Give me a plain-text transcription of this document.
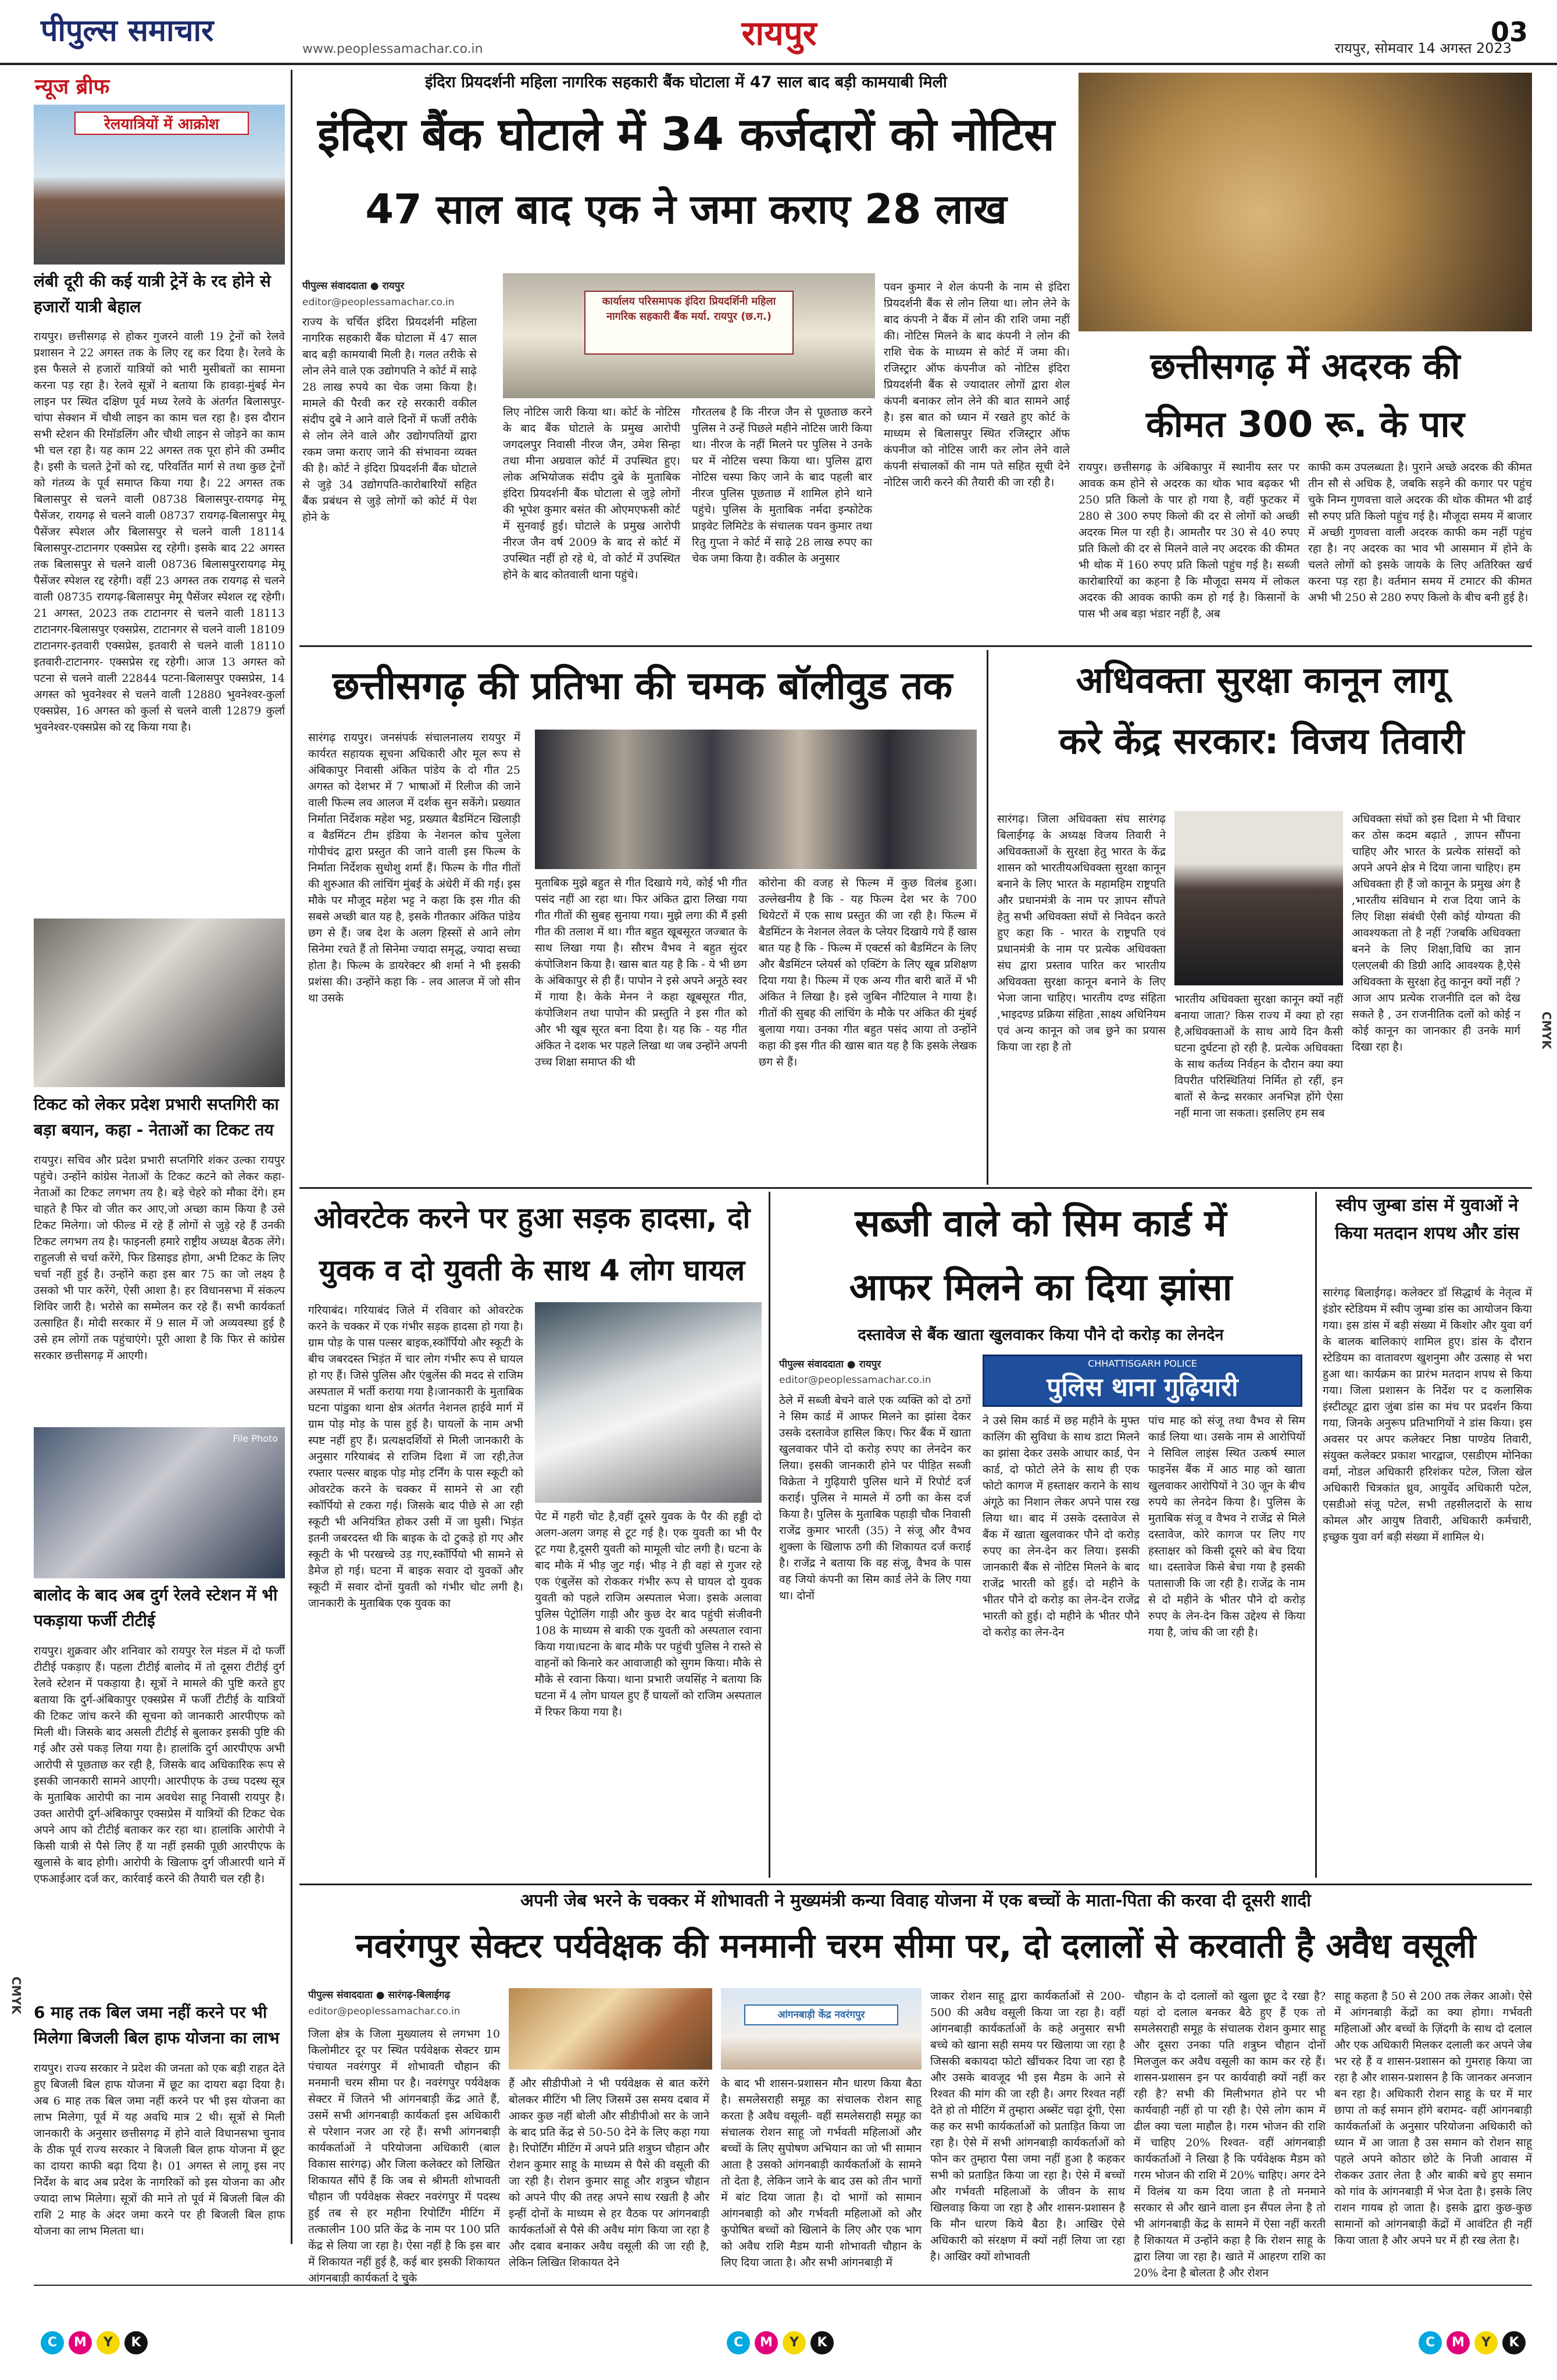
पीपुल्स समाचार
www.peoplessamachar.co.in	रायपुर	रायपुर, सोमवार 14 अगस्त 2023
03
न्यूज ब्रीफ
रेलयात्रियों में आक्रोश
लंबी दूरी की कई यात्री ट्रेनें के रद होने से हजारों यात्री बेहाल
रायपुर। छत्तीसगढ़ से होकर गुजरने वाली 19 ट्रेनों को रेलवे प्रशासन ने 22 अगस्त तक के लिए रद्द कर दिया है। रेलवे के इस फैसले से हजारों यात्रियों को भारी मुसीबतों का सामना करना पड़ रहा है। रेलवे सूत्रों ने बताया कि हावड़ा-मुंबई मेन लाइन पर स्थित दक्षिण पूर्व मध्य रेलवे के अंतर्गत बिलासपुर-चांपा सेक्शन में चौथी लाइन का काम चल रहा है। इस दौरान सभी स्टेशन की रिमॉडलिंग और चौथी लाइन से जोड़ने का काम भी चल रहा है। यह काम 22 अगस्त तक पूरा होने की उम्मीद है। इसी के चलते ट्रेनों को रद्द, परिवर्तित मार्ग से तथा कुछ ट्रेनों को गंतव्य के पूर्व समाप्त किया गया है। 22 अगस्त तक बिलासपुर से चलने वाली 08738 बिलासपुर-रायगढ़ मेमू पैसेंजर, रायगढ़ से चलने वाली 08737 रायगढ़-बिलासपुर मेमू पैसेंजर स्पेशल और बिलासपुर से चलने वाली 18114 बिलासपुर-टाटानगर एक्सप्रेस रद्द रहेगी। इसके बाद 22 अगस्त तक बिलासपुर से चलने वाली 08736 बिलासपुररायगढ़ मेमू पैसेंजर स्पेशल रद्द रहेगी। वहीं 23 अगस्त तक रायगढ़ से चलने वाली 08735 रायगढ़-बिलासपुर मेमू पैसेंजर स्पेशल रद्द रहेगी। 21 अगस्त, 2023 तक टाटानगर से चलने वाली 18113 टाटानगर-बिलासपुर एक्सप्रेस, टाटानगर से चलने वाली 18109 टाटानगर-इतवारी एक्सप्रेस, इतवारी से चलने वाली 18110 इतवारी-टाटानगर- एक्सप्रेस रद्द रहेगी। आज 13 अगस्त को पटना से चलने वाली 22844 पटना-बिलासपुर एक्सप्रेस, 14 अगस्त को भुवनेश्वर से चलने वाली 12880 भुवनेश्वर-कुर्ला एक्सप्रेस, 16 अगस्त को कुर्ला से चलने वाली 12879 कुर्ला भुवनेश्वर-एक्सप्रेस को रद्द किया गया है।
टिकट को लेकर प्रदेश प्रभारी सप्तगिरी का बड़ा बयान, कहा - नेताओं का टिकट तय
रायपुर। सचिव और प्रदेश प्रभारी सप्तगिरि शंकर उल्का रायपुर पहुंचे। उन्होंने कांग्रेस नेताओं के टिकट कटने को लेकर कहा- नेताओं का टिकट लगभग तय है। बड़े चेहरे को मौका देंगे। हम चाहते है फिर वो जीत कर आए,जो अच्छा काम किया है उसे टिकट मिलेगा। जो फील्ड में रहे हैं लोगों से जुड़े रहे हैं उनकी टिकट लगभग तय है। फाइनली हमारे राष्ट्रीय अध्यक्ष बैठक लेंगे। राहुलजी से चर्चा करेंगे, फिर डिसाइड होगा, अभी टिकट के लिए चर्चा नहीं हुई है। उन्होंने कहा इस बार 75 का जो लक्ष्य है उसको भी पार करेंगे, ऐसी आशा है। हर विधानसभा में संकल्प शिविर जारी है। भरोसे का सम्मेलन कर रहे हैं। सभी कार्यकर्ता उत्साहित हैं। मोदी सरकार में 9 साल में जो अव्यवस्था हुई है उसे हम लोगों तक पहुंचाएंगे। पूरी आशा है कि फिर से कांग्रेस सरकार छत्तीसगढ़ में आएगी।
File Photo
बालोद के बाद अब दुर्ग रेलवे स्टेशन में भी पकड़ाया फर्जी टीटीई
रायपुर। शुक्रवार और शनिवार को रायपुर रेल मंडल में दो फर्जी टीटीई पकड़ाए हैं। पहला टीटीई बालोद में तो दूसरा टीटीई दुर्ग रेलवे स्टेशन में पकड़ाया है। सूत्रों ने मामले की पुष्टि करते हुए बताया कि दुर्ग-अंबिकापुर एक्सप्रेस में फर्जी टीटीई के यात्रियों की टिकट जांच करने की सूचना को जानकारी आरपीएफ को मिली थी। जिसके बाद असली टीटीई से बुलाकर इसकी पुष्टि की गई और उसे पकड़ लिया गया है। हालांकि दुर्ग आरपीएफ अभी आरोपी से पूछताछ कर रही है, जिसके बाद अधिकारिक रूप से इसकी जानकारी सामने आएगी। आरपीएफ के उच्च पदस्थ सूत्र के मुताबिक आरोपी का नाम अवधेश साहू निवासी रायपुर है। उक्त आरोपी दुर्ग-अंबिकापुर एक्सप्रेस में यात्रियों की टिकट चेक अपने आप को टीटीई बताकर कर रहा था। हालांकि आरोपी ने किसी यात्री से पैसे लिए हैं या नहीं इसकी पूछी आरपीएफ के खुलासे के बाद होगी। आरोपी के खिलाफ दुर्ग जीआरपी थाने में एफआईआर दर्ज कर, कार्रवाई करने की तैयारी चल रही है।
6 माह तक बिल जमा नहीं करने पर भी मिलेगा बिजली बिल हाफ योजना का लाभ
रायपुर। राज्य सरकार ने प्रदेश की जनता को एक बड़ी राहत देते हुए बिजली बिल हाफ योजना में छूट का दायरा बढ़ा दिया है। अब 6 माह तक बिल जमा नहीं करने पर भी इस योजना का लाभ मिलेगा, पूर्व में यह अवधि मात्र 2 थी। सूत्रों से मिली जानकारी के अनुसार छत्तीसगढ़ में होने वाले विधानसभा चुनाव के ठीक पूर्व राज्य सरकार ने बिजली बिल हाफ योजना में छूट का दायरा काफी बढ़ा दिया है। 01 अगस्त से लागू इस नए निर्देश के बाद अब प्रदेश के नागरिकों को इस योजना का और ज्यादा लाभ मिलेगा। सूत्रों की माने तो पूर्व में बिजली बिल की राशि 2 माह के अंदर जमा करने पर ही बिजली बिल हाफ योजना का लाभ मिलता था।
इंदिरा प्रियदर्शनी महिला नागरिक सहकारी बैंक घोटाला में 47 साल बाद बड़ी कामयाबी मिली
इंदिरा बैंक घोटाले में 34 कर्जदारों को नोटिस
47 साल बाद एक ने जमा कराए 28 लाख
पीपुल्स संवाददाता ● रायपुर
editor@peoplessamachar.co.in
राज्य के चर्चित इंदिरा प्रियदर्शनी महिला नागरिक सहकारी बैंक घोटाला में 47 साल बाद बड़ी कामयाबी मिली है। गलत तरीके से लोन लेने वाले एक उद्योगपति ने कोर्ट में साढ़े 28 लाख रुपये का चेक जमा किया है। मामले की पैरवी कर रहे सरकारी वकील संदीप दुबे ने आने वाले दिनों में फर्जी तरीके से लोन लेने वाले और उद्योगपतियों द्वारा रकम जमा कराए जाने की संभावना व्यक्त की है। कोर्ट ने इंदिरा प्रियदर्शनी बैंक घोटाले से जुड़े 34 उद्योगपति-कारोबारियों सहित बैंक प्रबंधन से जुड़े लोगों को कोर्ट में पेश होने के
कार्यालय परिसमापक इंदिरा प्रियदर्शिनी महिला नागरिक सहकारी बैंक मर्या. रायपुर (छ.ग.)
लिए नोटिस जारी किया था। कोर्ट के नोटिस के बाद बैंक घोटाले के प्रमुख आरोपी जगदलपुर निवासी नीरज जैन, उमेश सिन्हा तथा मीना अग्रवाल कोर्ट में उपस्थित हुए। लोक अभियोजक संदीप दुबे के मुताबिक इंदिरा प्रियदर्शनी बैंक घोटाला से जुड़े लोगों की भूपेश कुमार बसंत की ओएमएफसी कोर्ट में सुनवाई हुई। घोटाले के प्रमुख आरोपी नीरज जैन वर्ष 2009 के बाद से कोर्ट में उपस्थित नहीं हो रहे थे, वो कोर्ट में उपस्थित होने के बाद कोतवाली थाना पहुंचे।
गौरतलब है कि नीरज जैन से पूछताछ करने पुलिस ने उन्हें पिछले महीने नोटिस जारी किया था। नीरज के नहीं मिलने पर पुलिस ने उनके घर में नोटिस चस्पा किया था। पुलिस द्वारा नोटिस चस्पा किए जाने के बाद पहली बार नीरज पुलिस पूछताछ में शामिल होने थाने पहुंचे। पुलिस के मुताबिक नर्मदा इन्फोटेक प्राइवेट लिमिटेड के संचालक पवन कुमार तथा रितु गुप्ता ने कोर्ट में साढ़े 28 लाख रुपए का चेक जमा किया है। वकील के अनुसार
पवन कुमार ने शेल कंपनी के नाम से इंदिरा प्रियदर्शनी बैंक से लोन लिया था। लोन लेने के बाद कंपनी ने बैंक में लोन की राशि जमा नहीं की। नोटिस मिलने के बाद कंपनी ने लोन की राशि चेक के माध्यम से कोर्ट में जमा की। रजिस्ट्रार ऑफ कंपनीज को नोटिस इंदिरा प्रियदर्शनी बैंक से ज्यादातर लोगों द्वारा शेल कंपनी बनाकर लोन लेने की बात सामने आई है। इस बात को ध्यान में रखते हुए कोर्ट के माध्यम से बिलासपुर स्थित रजिस्ट्रार ऑफ कंपनीज को नोटिस जारी कर लोन लेने वाले कंपनी संचालकों की नाम पते सहित सूची देने नोटिस जारी करने की तैयारी की जा रही है।
छत्तीसगढ़ में अदरक की
कीमत 300 रू. के पार
रायपुर। छत्तीसगढ़ के अंबिकापुर में स्थानीय स्तर पर आवक कम होने से अदरक का थोक भाव बढ़कर भी 250 प्रति किलो के पार हो गया है, वहीं फुटकर में 280 से 300 रुपए किलो की दर से लोगों को अच्छी अदरक मिल पा रही है। आमतौर पर 30 से 40 रुपए प्रति किलो की दर से मिलने वाले नए अदरक की कीमत भी थोक में 160 रुपए प्रति किलो पहुंच गई है। सब्जी कारोबारियों का कहना है कि मौजूदा समय में लोकल अदरक की आवक काफी कम हो गई है। किसानों के पास भी अब बड़ा भंडार नहीं है, अब
काफी कम उपलब्धता है। पुराने अच्छे अदरक की कीमत तीन सौ से अधिक है, जबकि सड़ने की कगार पर पहुंच चुके निम्न गुणवत्ता वाले अदरक की थोक कीमत भी ढाई सौ रुपए प्रति किलो पहुंच गई है। मौजूदा समय में बाजार में अच्छी गुणवत्ता वाली अदरक काफी कम नहीं पहुंच रहा है। नए अदरक का भाव भी आसमान में होने के चलते लोगों को इसके जायके के लिए अतिरिक्त खर्च करना पड़ रहा है। वर्तमान समय में टमाटर की कीमत अभी भी 250 से 280 रुपए किलो के बीच बनी हुई है।
छत्तीसगढ़ की प्रतिभा की चमक बॉलीवुड तक
सारंगढ़ रायपुर। जनसंपर्क संचालनालय रायपुर में कार्यरत सहायक सूचना अधिकारी और मूल रूप से अंबिकापुर निवासी अंकित पांडेय के दो गीत 25 अगस्त को देशभर में 7 भाषाओं में रिलीज की जाने वाली फिल्म लव आलज में दर्शक सुन सकेंगे। प्रख्यात निर्माता निर्देशक महेश भट्ट, प्रख्यात बैडमिंटन खिलाड़ी व बैडमिंटन टीम इंडिया के नेशनल कोच पुलेला गोपीचंद द्वारा प्रस्तुत की जाने वाली इस फिल्म के निर्माता निर्देशक सुधोशु शर्मा हैं। फिल्म के गीत गीतों की शुरुआत की लांचिंग मुंबई के अंधेरी में की गई। इस मौके पर मौजूद महेश भट्ट ने कहा कि इस गीत की सबसे अच्छी बात यह है, इसके गीतकार अंकित पांडेय छग से हैं। जब देश के अलग हिस्सों से आने लोग सिनेमा रचते हैं तो सिनेमा ज्यादा समृद्ध, ज्यादा सच्चा होता है। फिल्म के डायरेक्टर श्री शर्मा ने भी इसकी प्रशंसा की। उन्होंने कहा कि - लव आलज में जो सीन था उसके
मुताबिक मुझे बहुत से गीत दिखाये गये, कोई भी गीत पसंद नहीं आ रहा था। फिर अंकित द्वारा लिखा गया गीत गीतों की सुबह सुनाया गया। मुझे लगा की मैं इसी गीत की तलाश में था। गीत बहुत खूबसूरत जज्बात के साथ लिखा गया है। सौरभ वैभव ने बहुत सुंदर कंपोजिशन किया है। खास बात यह है कि - ये भी छग के अंबिकापुर से ही हैं। पापोन ने इसे अपने अनूठे स्वर में गाया है। केके मेनन ने कहा खूबसूरत गीत, कंपोजिशन तथा पापोन की प्रस्तुति ने इस गीत को और भी खूब सूरत बना दिया है। यह कि - यह गीत अंकित ने दशक भर पहले लिखा था जब उन्होंने अपनी उच्च शिक्षा समाप्त की थी
कोरोना की वजह से फिल्म में कुछ विलंब हुआ। उल्लेखनीय है कि - यह फिल्म देश भर के 700 थियेटरों में एक साथ प्रस्तुत की जा रही है। फिल्म में बैडमिंटन के नेशनल लेवल के प्लेयर दिखाये गये हैं खास बात यह है कि - फिल्म में एक्टर्स को बैडमिंटन के लिए और बैडमिंटन प्लेयर्स को एक्टिंग के लिए खूब प्रशिक्षण दिया गया है। फिल्म में एक अन्य गीत बारी बातें में भी अंकित ने लिखा है। इसे जुबिन नौटियाल ने गाया है। गीतों की सुबह की लांचिंग के मौके पर अंकित की मुंबई बुलाया गया। उनका गीत बहुत पसंद आया तो उन्होंने कहा की इस गीत की खास बात यह है कि इसके लेखक छग से हैं।
अधिवक्ता सुरक्षा कानून लागू
करे केंद्र सरकार: विजय तिवारी
सारंगढ़। जिला अधिवक्ता संघ सारंगढ़ बिलाईगढ़ के अध्यक्ष विजय तिवारी ने अधिवक्ताओं के सुरक्षा हेतु भारत के केंद्र शासन को भारतीयअधिवक्ता सुरक्षा कानून बनाने के लिए भारत के महामहिम राष्ट्रपति और प्रधानमंत्री के नाम पर ज्ञापन सौंपते हेतु सभी अधिवक्ता संघों से निवेदन करते हुए कहा कि - भारत के राष्ट्रपति एवं प्रधानमंत्री के नाम पर प्रत्येक अधिवक्ता संघ द्वारा प्रस्ताव पारित कर भारतीय अधिवक्ता सुरक्षा कानून बनाने के लिए भेजा जाना चाहिए। भारतीय दण्ड संहिता ,भाइदण्ड प्रक्रिया संहिता ,साक्ष्य अधिनियम एवं अन्य कानून को जब छुने का प्रयास किया जा रहा है तो
भारतीय अधिवक्ता सुरक्षा कानून क्यों नहीं बनाया जाता? किस राज्य में क्या हो रहा है,अधिवक्ताओं के साथ आये दिन कैसी घटना दुर्घटना हो रही है. प्रत्येक अधिवक्ता के साथ कर्तव्य निर्वहन के दौरान क्या क्या विपरीत परिस्थितियां निर्मित हो रहीं, इन बातों से केन्द्र सरकार अनभिज्ञ होंगे ऐसा नहीं माना जा सकता। इसलिए हम सब
अधिवक्ता संघों को इस दिशा मे भी विचार कर ठोस कदम बढ़ाते , ज्ञापन सौंपना चाहिए और भारत के प्रत्येक सांसदों को अपने अपने क्षेत्र मे दिया जाना चाहिए। हम अधिवक्ता ही हैं जो कानून के प्रमुख अंग है ,भारतीय संविधान मे राज दिया जाने के लिए शिक्षा संबंधी ऐसी कोई योग्यता की आवश्यकता तो है नहीं ?जबकि अधिवक्ता बनने के लिए शिक्षा,विधि का ज्ञान एलएलबी की डिग्री आदि आवश्यक है,ऐसे अधिवक्ता के सुरक्षा हेतु कानून क्यों नहीं ? आज आप प्रत्येक राजनीति दल को देख सकते है , उन राजनीतिक दलों को कोई न कोई कानून का जानकार ही उनके मार्ग दिखा रहा है।
ओवरटेक करने पर हुआ सड़क हादसा, दो
युवक व दो युवती के साथ 4 लोग घायल
गरियाबंद। गरियाबंद जिले में रविवार को ओवरटेक करने के चक्कर में एक गंभीर सड़क हादसा हो गया है। ग्राम पोड़ के पास पल्सर बाइक,स्कॉर्पियो और स्कूटी के बीच जबरदस्त भिड़ंत में चार लोग गंभीर रूप से घायल हो गए हैं। जिसे पुलिस और एंबुलेंस की मदद से राजिम अस्पताल में भर्ती कराया गया है।जानकारी के मुताबिक घटना पांडुका थाना क्षेत्र अंतर्गत नेशनल हाईवे मार्ग में ग्राम पोड़ मोड़ के पास हुई है। घायलों के नाम अभी स्पष्ट नहीं हुए हैं। प्रत्यक्षदर्शियों से मिली जानकारी के अनुसार गरियाबंद से राजिम दिशा में जा रही,तेज रफ्तार पल्सर बाइक पोड़ मोड़ टर्निंग के पास स्कूटी को ओवरटेक करने के चक्कर में सामने से आ रही स्कॉर्पियो से टकरा गई। जिसके बाद पीछे से आ रही स्कूटी भी अनियंत्रित होकर उसी में जा घुसी। भिड़ंत इतनी जबरदस्त थी कि बाइक के दो टुकड़े हो गए और स्कूटी के भी परखच्चे उड़ गए,स्कॉर्पियो भी सामने से डैमेज हो गई। घटना में बाइक सवार दो युवकों और स्कूटी में सवार दोनों युवती को गंभीर चोट लगी है। जानकारी के मुताबिक एक युवक का
पेट में गहरी चोट है,वहीं दूसरे युवक के पैर की हड्डी दो अलग-अलग जगह से टूट गई है। एक युवती का भी पैर टूट गया है,दूसरी युवती को मामूली चोट लगी है। घटना के बाद मौके में भीड़ जुट गई। भीड़ ने ही वहां से गुजर रहे एक एंबुलेंस को रोककर गंभीर रूप से घायल दो युवक युवती को पहले राजिम अस्पताल भेजा। इसके अलावा पुलिस पेट्रोलिंग गाड़ी और कुछ देर बाद पहुंची संजीवनी 108 के माध्यम से बाकी एक युवती को अस्पताल रवाना किया गया।घटना के बाद मौके पर पहुंची पुलिस ने रास्ते से वाहनों को किनारे कर आवाजाही को सुगम किया। मौके से मौके से रवाना किया। थाना प्रभारी जयसिंह ने बताया कि घटना में 4 लोग घायल हुए हैं घायलों को राजिम अस्पताल में रिफर किया गया है।
सब्जी वाले को सिम कार्ड में
आफर मिलने का दिया झांसा
दस्तावेज से बैंक खाता खुलवाकर किया पौने दो करोड़ का लेनदेन
पीपुल्स संवाददाता ● रायपुर
editor@peoplessamachar.co.in
CHHATTISGARH POLICE
पुलिस थाना गुढ़ियारी
ठेले में सब्जी बेचने वाले एक व्यक्ति को दो ठगों ने सिम कार्ड में आफर मिलने का झांसा देकर उसके दस्तावेज हासिल किए। फिर बैंक में खाता खुलवाकर पौने दो करोड़ रुपए का लेनदेन कर लिया। इसकी जानकारी होने पर पीड़ित सब्जी विक्रेता ने गुढ़ियारी पुलिस थाने में रिपोर्ट दर्ज कराई। पुलिस ने मामले में ठगी का केस दर्ज किया है। पुलिस के मुताबिक पहाड़ी चौक निवासी राजेंद्र कुमार भारती (35) ने संजू और वैभव शुक्ला के खिलाफ ठगी की शिकायत दर्ज कराई है। राजेंद्र ने बताया कि वह संजू, वैभव के पास वह जियो कंपनी का सिम कार्ड लेने के लिए गया था। दोनों
ने उसे सिम कार्ड में छह महीने के मुफ्त कालिंग की सुविधा के साथ डाटा मिलने का झांसा देकर उसके आधार कार्ड, पेन कार्ड, दो फोटो लेने के साथ ही एक फोटो कागज में हस्ताक्षर कराने के साथ अंगूठे का निशान लेकर अपने पास रख लिया था। बाद में उसके दस्तावेज से बैंक में खाता खुलवाकर पौने दो करोड़ रुपए का लेन-देन कर लिया। इसकी जानकारी बैंक से नोटिस मिलने के बाद राजेंद्र भारती को हुई। दो महीने के भीतर पौने दो करोड़ का लेन-देन राजेंद्र भारती को हुई। दो महीने के भीतर पौने दो करोड़ का लेन-देन
पांच माह को संजू तथा वैभव से सिम कार्ड लिया था। उसके नाम से आरोपियों ने सिविल लाइंस स्थित उत्कर्ष स्माल फाइनेंस बैंक में आठ माह को खाता खुलवाकर आरोपियों ने 30 जून के बीच रुपये का लेनदेन किया है। पुलिस के मुताबिक संजू व वैभव ने राजेंद्र से मिले दस्तावेज, कोरे कागज पर लिए गए हस्ताक्षर को किसी दूसरे को बेच दिया था। दस्तावेज किसे बेचा गया है इसकी पतासाजी कि जा रही है। राजेंद्र के नाम से दो महीने के भीतर पौने दो करोड़ रुपए के लेन-देन किस उद्देश्य से किया गया है, जांच की जा रही है।
स्वीप जुम्बा डांस में युवाओं ने किया मतदान शपथ और डांस
सारंगढ़ बिलाईगढ़। कलेक्टर डॉ सिद्धार्थ के नेतृत्व में इंडोर स्टेडियम में स्वीप जुम्बा डांस का आयोजन किया गया। इस डांस में बड़ी संख्या में किशोर और युवा वर्ग के बालक बालिकाएं शामिल हुए। डांस के दौरान स्टेडियम का वातावरण खुशनुमा और उत्साह से भरा हुआ था। कार्यक्रम का प्रारंभ मतदान शपथ से किया गया। जिला प्रशासन के निर्देश पर द कलासिक इंस्टीट्यूट द्वारा जुंबा डांस का मंच पर प्रदर्शन किया गया, जिनके अनुरूप प्रतिभागियों ने डांस किया। इस अवसर पर अपर कलेक्टर निष्ठा पाण्डेय तिवारी, संयुक्त कलेक्टर प्रकाश भारद्वाज, एसडीएम मोनिका वर्मा, नोडल अधिकारी हरिशंकर पटेल, जिला खेल अधिकारी चित्रकांत ध्रुव, आयुर्वेद अधिकारी पटेल, एसडीओ संजू पटेल, सभी तहसीलदारों के साथ कोमल और आयुष तिवारी, अधिकारी कर्मचारी, इच्छुक युवा वर्ग बड़ी संख्या में शामिल थे।
अपनी जेब भरने के चक्कर में शोभावती ने मुख्यमंत्री कन्या विवाह योजना में एक बच्चों के माता-पिता की करवा दी दूसरी शादी
नवरंगपुर सेक्टर पर्यवेक्षक की मनमानी चरम सीमा पर, दो दलालों से करवाती है अवैध वसूली
पीपुल्स संवाददाता ● सारंगढ़-बिलाईगढ़
editor@peoplessamachar.co.in
जिला क्षेत्र के जिला मुख्यालय से लगभग 10 किलोमीटर दूर पर स्थित पर्यवेक्षक सेक्टर ग्राम पंचायत नवरंगपुर में शोभावती चौहान की मनमानी चरम सीमा पर है। नवरंगपुर पर्यवेक्षक सेक्टर में जितने भी आंगनबाड़ी केंद्र आते हैं, उसमें सभी आंगनबाड़ी कार्यकर्ता इस अधिकारी से परेशान नजर आ रहे हैं। सभी आंगनबाड़ी कार्यकर्ताओं ने परियोजना अधिकारी (बाल विकास सारंगढ़) और जिला कलेक्टर को लिखित शिकायत सौंपे हैं कि जब से श्रीमती शोभावती चौहान जी पर्यवेक्षक सेक्टर नवरंगपुर में पदस्थ हुई तब से हर महीना रिपोर्टिंग मीटिंग में तत्कालीन 100 प्रति केंद्र के नाम पर 100 प्रति केंद्र से लिया जा रहा है। ऐसा नहीं है कि इस बार में शिकायत नहीं हुई है, कई बार इसकी शिकायत आंगनबाड़ी कार्यकर्ता दे चुके
हैं और सीडीपीओ ने भी पर्यवेक्षक से बात करेंगे बोलकर मीटिंग भी लिए जिसमें उस समय दबाव में आकर कुछ नहीं बोली और सीडीपीओ सर के जाने के बाद प्रति केंद्र से 50-50 देने के लिए कहा गया है। रिपोर्टिंग मीटिंग में अपने प्रति शत्रुघ्न चौहान और रोशन कुमार साहू के माध्यम से पैसे की वसूली की जा रही है। रोशन कुमार साहू और शत्रुघ्न चौहान को अपने पीए की तरह अपने साथ रखती है और इन्हीं दोनों के माध्यम से हर वैठक पर आंगनबाड़ी कार्यकर्ताओं से पैसे की अवैध मांग किया जा रहा है और दबाव बनाकर अवैध वसूली की जा रही है, लेकिन लिखित शिकायत देने
आंगनबाड़ी केंद्र नवरंगपुर
के बाद भी शासन-प्रशासन मौन धारण किया बैठा है। समलेसराही समूह का संचालक रोशन साहू करता है अवैध वसूली- वहीं समलेसराही समूह का संचालक रोशन साहू जो गर्भवती महिलाओं और बच्चों के लिए सुपोषण अभियान का जो भी सामान आता है उसको आंगनबाड़ी कार्यकर्ताओं के सामने तो देता है, लेकिन जाने के बाद उस को तीन भागों में बांट दिया जाता है। दो भागों को सामान आंगनबाड़ी को और गर्भवती महिलाओं को और कुपोषित बच्चों को खिलाने के लिए और एक भाग को अवैध राशि मैडम यानी शोभावती चौहान के लिए दिया जाता है। और सभी आंगनबाड़ी में
जाकर रोशन साहू द्वारा कार्यकर्ताओं से 200-500 की अवैध वसूली किया जा रहा है। वहीं आंगनबाड़ी कार्यकर्ताओं के कहे अनुसार सभी बच्चे को खाना सही समय पर खिलाया जा रहा है जिसकी बकायदा फोटो खींचकर दिया जा रहा है और उसके बावजूद भी इस मैडम के आने से रिश्वत की मांग की जा रही है। अगर रिश्वत नहीं देते हो तो मीटिंग में तुम्हारा अब्सेंट चढ़ा दूंगी, ऐसा कह कर सभी कार्यकर्ताओं को प्रताड़ित किया जा रहा है। ऐसे में सभी आंगनबाड़ी कार्यकर्ताओं को फोन कर तुम्हारा पैसा जमा नहीं हुआ है कहकर सभी को प्रताड़ित किया जा रहा है। ऐसे में बच्चों और गर्भवती महिलाओं के जीवन के साथ खिलवाड़ किया जा रहा है और शासन-प्रशासन है कि मौन धारण किये बैठा है। आखिर ऐसे अधिकारी को संरक्षण में क्यों नहीं लिया जा रहा है। आखिर क्यों शोभावती
चौहान के दो दलालों को खुला छूट दे रखा है? यहां दो दलाल बनकर बैठे हुए हैं एक तो समलेसराही समूह के संचालक रोशन कुमार साहू और दूसरा उनका पति शत्रुघ्न चौहान दोनों मिलजुल कर अवैध वसूली का काम कर रहे हैं। शासन-प्रशासन इन पर कार्यवाही क्यों नहीं कर रही है? सभी की मिलीभगत होने पर भी कार्यवाही नहीं हो पा रही है। ऐसे लोग काम में ढील क्या चला माहौल है। गरम भोजन की राशि में चाहिए 20% रिश्वत- वहीं आंगनबाड़ी कार्यकर्ताओं ने लिखा है कि पर्यवेक्षक मैडम को गरम भोजन की राशि में 20% चाहिए। अगर देने में विलंब या कम दिया जाता है तो मनमाने सरकार से और खाने वाला इन सैंपल लेना है तो भी आंगनबाड़ी केंद्र के सामने में ऐसा नहीं करती है शिकायत में उन्होंने कहा है कि रोशन साहू के द्वारा लिया जा रहा है। खाते में आहरण राशि का 20% देना है बोलता है और रोशन
साहू कहता है 50 से 200 तक लेकर आओ। ऐसे में आंगनबाड़ी केंद्रों का क्या होगा। गर्भवती महिलाओं और बच्चों के ज़िंदगी के साथ दो दलाल और एक अधिकारी मिलकर दलाली कर अपने जेब भर रहे हैं व शासन-प्रशासन को गुमराह किया जा रहा है और शासन-प्रशासन है कि जानकर अनजान बन रहा है। अधिकारी रोशन साहू के घर में मार छापा तो कई समान होंगे बरामद- वहीं आंगनबाड़ी कार्यकर्ताओं के अनुसार परियोजना अधिकारी को ध्यान में आ जाता है उस समान को रोशन साहू पहले अपने कोठार छोटे के निजी आवास में रोककर उतार लेता है और बाकी बचे हुए समान को गांव के आंगनबाड़ी में भेज देता है। इसके लिए राशन गायब हो जाता है। इसके द्वारा कुछ-कुछ सामानों को आंगनबाड़ी केंद्रों में आवंटित ही नहीं किया जाता है और अपने घर में ही रख लेता है।
CMYK
CMYK
C	M	Y	K	C	M	Y	K	C	M	Y	K
